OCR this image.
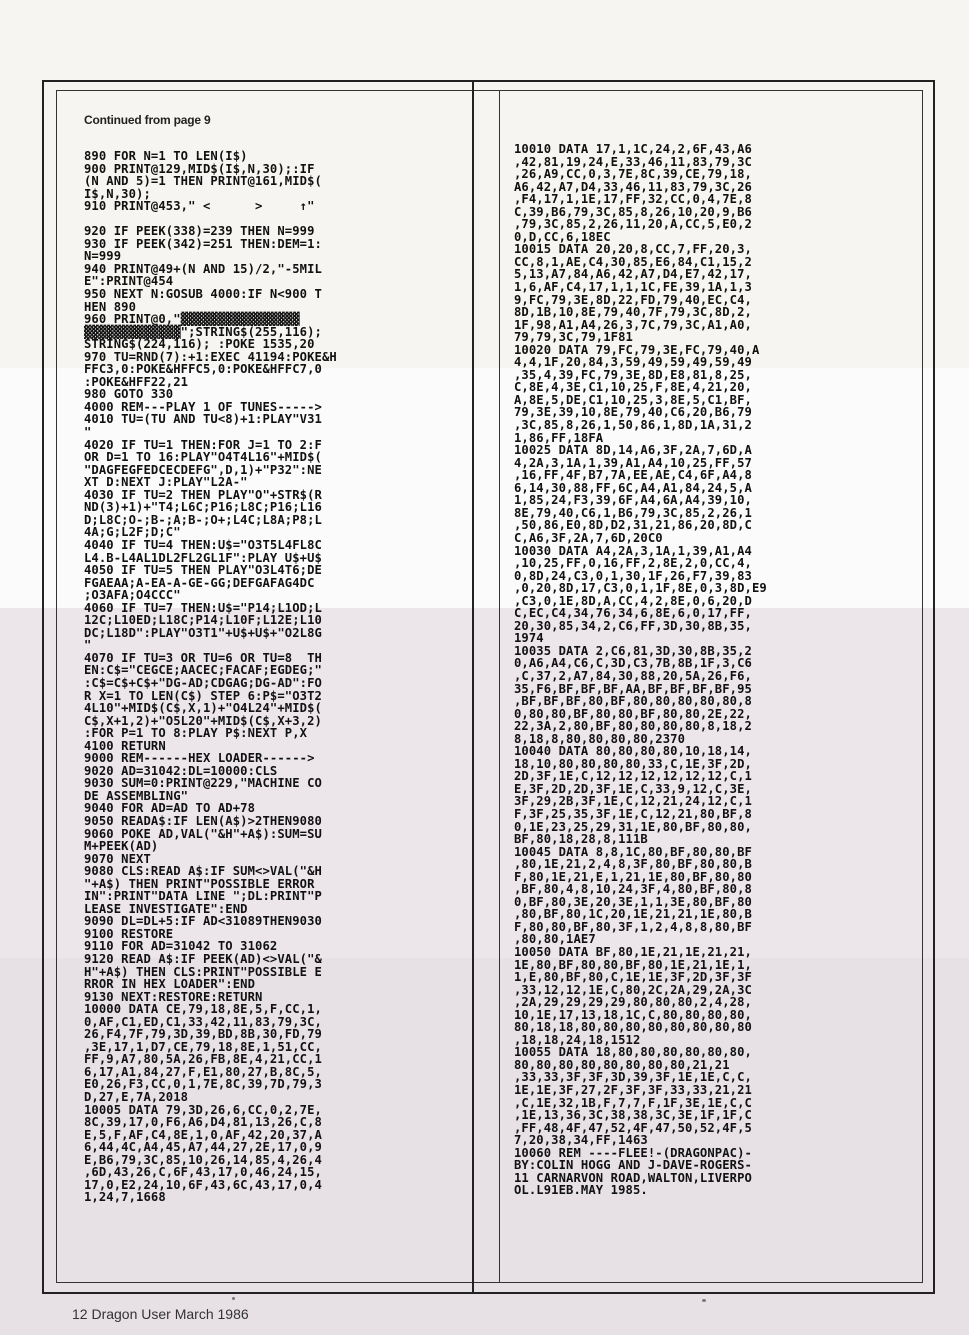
Continued from page 9
890 FOR N=1 TO LEN(I$)
900 PRINT@129,MID$(I$,N,30);:IF
(N AND 5)=1 THEN PRINT@161,MID$(
I$,N,30);
910 PRINT@453," <      >     ↑"

920 IF PEEK(338)=239 THEN N=999
930 IF PEEK(342)=251 THEN:DEM=1:
N=999
940 PRINT@49+(N AND 15)/2,"-5MIL
E":PRINT@454
950 NEXT N:GOSUB 4000:IF N<900 T
HEN 890
960 PRINT@0,"▓▓▓▓▓▓▓▓▓▓▓▓▓▓▓▓
▓▓▓▓▓▓▓▓▓▓▓▓▓";STRING$(255,116);
STRING$(224,116); :POKE 1535,20
970 TU=RND(7):+1:EXEC 41194:POKE&H
FFC3,0:POKE&HFFC5,0:POKE&HFFC7,0
:POKE&HFF22,21
980 GOTO 330
4000 REM---PLAY 1 OF TUNES----->
4010 TU=(TU AND TU<8)+1:PLAY"V31
"
4020 IF TU=1 THEN:FOR J=1 TO 2:F
OR D=1 TO 16:PLAY"O4T4L16"+MID$(
"DAGFEGFEDCECDEFG",D,1)+"P32":NE
XT D:NEXT J:PLAY"L2A-"
4030 IF TU=2 THEN PLAY"O"+STR$(R
ND(3)+1)+"T4;L6C;P16;L8C;P16;L16
D;L8C;O-;B-;A;B-;O+;L4C;L8A;P8;L
4A;G;L2F;D;C"
4040 IF TU=4 THEN:U$="O3T5L4FL8C
L4.B-L4AL1DL2FL2GL1F":PLAY U$+U$
4050 IF TU=5 THEN PLAY"O3L4T6;DE
FGAEAA;A-EA-A-GE-GG;DEFGAFAG4DC
;O3AFA;O4CCC"
4060 IF TU=7 THEN:U$="P14;L1OD;L
12C;L10ED;L18C;P14;L10F;L12E;L10
DC;L18D":PLAY"O3T1"+U$+U$+"O2L8G
"
4070 IF TU=3 OR TU=6 OR TU=8  TH
EN:C$="CEGCE;AACEC;FACAF;EGDEG;"
:C$=C$+C$+"DG-AD;CDGAG;DG-AD":FO
R X=1 TO LEN(C$) STEP 6:P$="O3T2
4L10"+MID$(C$,X,1)+"O4L24"+MID$(
C$,X+1,2)+"O5L20"+MID$(C$,X+3,2)
:FOR P=1 TO 8:PLAY P$:NEXT P,X
4100 RETURN
9000 REM------HEX LOADER------>
9020 AD=31042:DL=10000:CLS
9030 SUM=0:PRINT@229,"MACHINE CO
DE ASSEMBLING"
9040 FOR AD=AD TO AD+78
9050 READA$:IF LEN(A$)>2THEN9080
9060 POKE AD,VAL("&H"+A$):SUM=SU
M+PEEK(AD)
9070 NEXT
9080 CLS:READ A$:IF SUM<>VAL("&H
"+A$) THEN PRINT"POSSIBLE ERROR
IN":PRINT"DATA LINE ";DL:PRINT"P
LEASE INVESTIGATE":END
9090 DL=DL+5:IF AD<31089THEN9030
9100 RESTORE
9110 FOR AD=31042 TO 31062
9120 READ A$:IF PEEK(AD)<>VAL("&
H"+A$) THEN CLS:PRINT"POSSIBLE E
RROR IN HEX LOADER":END
9130 NEXT:RESTORE:RETURN
10000 DATA CE,79,18,8E,5,F,CC,1,
0,AF,C1,ED,C1,33,42,11,83,79,3C,
26,F4,7F,79,3D,39,BD,8B,30,FD,79
,3E,17,1,D7,CE,79,18,8E,1,51,CC,
FF,9,A7,80,5A,26,FB,8E,4,21,CC,1
6,17,A1,84,27,F,E1,80,27,B,8C,5,
E0,26,F3,CC,0,1,7E,8C,39,7D,79,3
D,27,E,7A,2018
10005 DATA 79,3D,26,6,CC,0,2,7E,
8C,39,17,0,F6,A6,D4,81,13,26,C,8
E,5,F,AF,C4,8E,1,0,AF,42,20,37,A
6,44,4C,A4,45,A7,44,27,2E,17,0,9
E,B6,79,3C,85,10,26,14,85,4,26,4
,6D,43,26,C,6F,43,17,0,46,24,15,
17,0,E2,24,10,6F,43,6C,43,17,0,4
1,24,7,1668

10010 DATA 17,1,1C,24,2,6F,43,A6
,42,81,19,24,E,33,46,11,83,79,3C
,26,A9,CC,0,3,7E,8C,39,CE,79,18,
A6,42,A7,D4,33,46,11,83,79,3C,26
,F4,17,1,1E,17,FF,32,CC,0,4,7E,8
C,39,B6,79,3C,85,8,26,10,20,9,B6
,79,3C,85,2,26,11,20,A,CC,5,E0,2
0,D,CC,6,18EC
10015 DATA 20,20,8,CC,7,FF,20,3,
CC,8,1,AE,C4,30,85,E6,84,C1,15,2
5,13,A7,84,A6,42,A7,D4,E7,42,17,
1,6,AF,C4,17,1,1,1C,FE,39,1A,1,3
9,FC,79,3E,8D,22,FD,79,40,EC,C4,
8D,1B,10,8E,79,40,7F,79,3C,8D,2,
1F,98,A1,A4,26,3,7C,79,3C,A1,A0,
79,79,3C,79,1F81
10020 DATA 79,FC,79,3E,FC,79,40,A
4,4,1F,20,84,3,59,49,59,49,59,49
,35,4,39,FC,79,3E,8D,E8,81,8,25,
C,8E,4,3E,C1,10,25,F,8E,4,21,20,
A,8E,5,DE,C1,10,25,3,8E,5,C1,BF,
79,3E,39,10,8E,79,40,C6,20,B6,79
,3C,85,8,26,1,50,86,1,8D,1A,31,2
1,86,FF,18FA
10025 DATA 8D,14,A6,3F,2A,7,6D,A
4,2A,3,1A,1,39,A1,A4,10,25,FF,57
,16,FF,4F,B7,7A,EE,AE,C4,6F,A4,8
6,14,30,88,FF,6C,A4,A1,84,24,5,A
1,85,24,F3,39,6F,A4,6A,A4,39,10,
8E,79,40,C6,1,B6,79,3C,85,2,26,1
,50,86,E0,8D,D2,31,21,86,20,8D,C
C,A6,3F,2A,7,6D,20C0
10030 DATA A4,2A,3,1A,1,39,A1,A4
,10,25,FF,0,16,FF,2,8E,2,0,CC,4,
0,8D,24,C3,0,1,30,1F,26,F7,39,83
,0,20,8D,17,C3,0,1,1F,8E,0,3,8D,E9
,C3,0,1E,8D,A,CC,4,2,8E,0,6,20,D
C,EC,C4,34,76,34,6,8E,6,0,17,FF,
20,30,85,34,2,C6,FF,3D,30,8B,35,
1974
10035 DATA 2,C6,81,3D,30,8B,35,2
0,A6,A4,C6,C,3D,C3,7B,8B,1F,3,C6
,C,37,2,A7,84,30,88,20,5A,26,F6,
35,F6,BF,BF,BF,AA,BF,BF,BF,BF,95
,BF,BF,BF,80,BF,80,80,80,80,80,8
0,80,80,BF,80,80,BF,80,80,2E,22,
22,3A,2,80,BF,80,80,80,80,8,18,2
8,18,8,80,80,80,80,2370
10040 DATA 80,80,80,80,10,18,14,
18,10,80,80,80,80,33,C,1E,3F,2D,
2D,3F,1E,C,12,12,12,12,12,12,C,1
E,3F,2D,2D,3F,1E,C,33,9,12,C,3E,
3F,29,2B,3F,1E,C,12,21,24,12,C,1
F,3F,25,35,3F,1E,C,12,21,80,BF,8
0,1E,23,25,29,31,1E,80,BF,80,80,
BF,80,18,28,8,111B
10045 DATA 8,8,1C,80,BF,80,80,BF
,80,1E,21,2,4,8,3F,80,BF,80,80,B
F,80,1E,21,E,1,21,1E,80,BF,80,80
,BF,80,4,8,10,24,3F,4,80,BF,80,8
0,BF,80,3E,20,3E,1,1,3E,80,BF,80
,80,BF,80,1C,20,1E,21,21,1E,80,B
F,80,80,BF,80,3F,1,2,4,8,8,80,BF
,80,80,1AE7
10050 DATA BF,80,1E,21,1E,21,21,
1E,80,BF,80,80,BF,80,1E,21,1E,1,
1,E,80,BF,80,C,1E,1E,3F,2D,3F,3F
,33,12,12,1E,C,80,2C,2A,29,2A,3C
,2A,29,29,29,29,80,80,80,2,4,28,
10,1E,17,13,18,1C,C,80,80,80,80,
80,18,18,80,80,80,80,80,80,80,80
,18,18,24,18,1512
10055 DATA 18,80,80,80,80,80,80,
80,80,80,80,80,80,80,80,21,21
,33,33,3F,3F,3D,39,3F,1E,1E,C,C,
1E,1E,3F,27,2F,3F,3F,33,33,21,21
,C,1E,32,1B,F,7,7,F,1F,3E,1E,C,C
,1E,13,36,3C,38,38,3C,3E,1F,1F,C
,FF,48,4F,47,52,4F,47,50,52,4F,5
7,20,38,34,FF,1463
10060 REM ----FLEE!-(DRAGONPAC)-
BY:COLIN HOGG AND J-DAVE-ROGERS-
11 CARNARVON ROAD,WALTON,LIVERPO
OL.L91EB.MAY 1985.

12 Dragon User March 1986
